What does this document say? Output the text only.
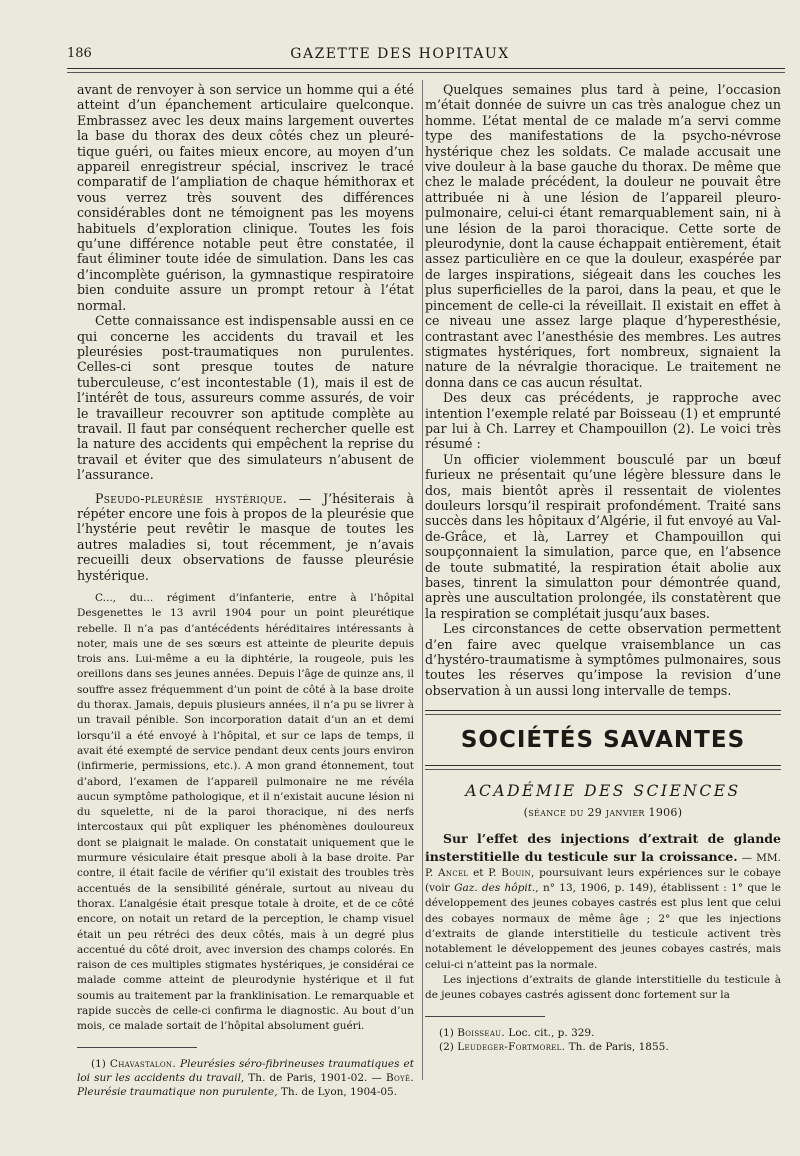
186	GAZETTE DES HOPITAUX

avant de renvoyer à son service un homme qui a été atteint d’un épanchement articulaire quelconque. Embrassez avec les deux mains largement ouvertes la base du thorax des deux côtés chez un pleuré-tique guéri, ou faites mieux encore, au moyen d’un appareil enregistreur spécial, inscrivez le tracé comparatif de l’ampliation de chaque hémithorax et vous verrez très souvent des différences considérables dont ne témoignent pas les moyens habituels d’exploration clinique. Toutes les fois qu’une différence notable peut être constatée, il faut éliminer toute idée de simulation. Dans les cas d’incomplète guérison, la gymnastique respiratoire bien conduite assure un prompt retour à l’état normal.

Cette connaissance est indispensable aussi en ce qui concerne les accidents du travail et les pleurésies post-traumatiques non purulentes. Celles-ci sont presque toutes de nature tuberculeuse, c’est incontestable (1), mais il est de l’intérêt de tous, assureurs comme assurés, de voir le travailleur recouvrer son aptitude complète au travail. Il faut par conséquent rechercher quelle est la nature des accidents qui empêchent la reprise du travail et éviter que des simulateurs n’abusent de l’assurance.

Pseudo-pleurésie hystérique. — J’hésiterais à répéter encore une fois à propos de la pleurésie que l’hystérie peut revêtir le masque de toutes les autres maladies si, tout récemment, je n’avais recueilli deux observations de fausse pleurésie hystérique.

C..., du... régiment d’infanterie, entre à l’hôpital Desgenettes le 13 avril 1904 pour un point pleurétique rebelle. Il n’a pas d’antécédents héréditaires intéressants à noter, mais une de ses sœurs est atteinte de pleurite depuis trois ans. Lui-même a eu la diphtérie, la rougeole, puis les oreillons dans ses jeunes années. Depuis l’âge de quinze ans, il souffre assez fréquemment d’un point de côté à la base droite du thorax. Jamais, depuis plusieurs années, il n’a pu se livrer à un travail pénible. Son incorporation datait d’un an et demi lorsqu’il a été envoyé à l’hôpital, et sur ce laps de temps, il avait été exempté de service pendant deux cents jours environ (infirmerie, permissions, etc.). A mon grand étonnement, tout d’abord, l’examen de l’appareil pulmonaire ne me révéla aucun symptôme pathologique, et il n’existait aucune lésion ni du squelette, ni de la paroi thoracique, ni des nerfs intercostaux qui pût expliquer les phénomènes douloureux dont se plaignait le malade. On constatait uniquement que le murmure vésiculaire était presque aboli à la base droite. Par contre, il était facile de vérifier qu’il existait des troubles très accentués de la sensibilité générale, surtout au niveau du thorax. L’analgésie était presque totale à droite, et de ce côté encore, on notait un retard de la perception, le champ visuel était un peu rétréci des deux côtés, mais à un degré plus accentué du côté droit, avec inversion des champs colorés. En raison de ces multiples stigmates hystériques, je considérai ce malade comme atteint de pleurodynie hystérique et il fut soumis au traitement par la franklinisation. Le remarquable et rapide succès de celle-ci confirma le diagnostic. Au bout d’un mois, ce malade sortait de l’hôpital absolument guéri.

(1) Chavastalon. Pleurésies séro-fibrineuses traumatiques et loi sur les accidents du travail, Th. de Paris, 1901-02. — Boyé. Pleurésie traumatique non purulente, Th. de Lyon, 1904-05.

Quelques semaines plus tard à peine, l’occasion m’était donnée de suivre un cas très analogue chez un homme. L’état mental de ce malade m’a servi comme type des manifestations de la psycho-névrose hystérique chez les soldats. Ce malade accusait une vive douleur à la base gauche du thorax. De même que chez le malade précédent, la douleur ne pouvait être attribuée ni à une lésion de l’appareil pleuro-pulmonaire, celui-ci étant remarquablement sain, ni à une lésion de la paroi thoracique. Cette sorte de pleurodynie, dont la cause échappait entièrement, était assez particulière en ce que la douleur, exaspérée par de larges inspirations, siégeait dans les couches les plus superficielles de la paroi, dans la peau, et que le pincement de celle-ci la réveillait. Il existait en effet à ce niveau une assez large plaque d’hyperesthésie, contrastant avec l’anesthésie des membres. Les autres stigmates hystériques, fort nombreux, signaient la nature de la névralgie thoracique. Le traitement ne donna dans ce cas aucun résultat.

Des deux cas précédents, je rapproche avec intention l’exemple relaté par Boisseau (1) et emprunté par lui à Ch. Larrey et Champouillon (2). Le voici très résumé :

Un officier violemment bousculé par un bœuf furieux ne présentait qu’une légère blessure dans le dos, mais bientôt après il ressentait de violentes douleurs lorsqu’il respirait profondément. Traité sans succès dans les hôpitaux d’Algérie, il fut envoyé au Val-de-Grâce, et là, Larrey et Champouillon qui soupçonnaient la simulation, parce que, en l’absence de toute submatité, la respiration était abolie aux bases, tinrent la simulatton pour démontrée quand, après une auscultation prolongée, ils constatèrent que la respiration se complétait jusqu’aux bases.

Les circonstances de cette observation permettent d’en faire avec quelque vraisemblance un cas d’hystéro-traumatisme à symptômes pulmonaires, sous toutes les réserves qu’impose la revision d’une observation à un aussi long intervalle de temps.

SOCIÉTÉS SAVANTES
ACADÉMIE DES SCIENCES
(séance du 29 janvier 1906)

Sur l’effet des injections d’extrait de glande insterstitielle du testicule sur la croissance. — MM. P. Ancel et P. Bouin, poursuivant leurs expériences sur le cobaye (voir Gaz. des hôpit., n° 13, 1906, p. 149), établissent : 1° que le développement des jeunes cobayes castrés est plus lent que celui des cobayes normaux de même âge ; 2° que les injections d’extraits de glande interstitielle du testicule activent très notablement le développement des jeunes cobayes castrés, mais celui-ci n’atteint pas la normale.

Les injections d’extraits de glande interstitielle du testicule à de jeunes cobayes castrés agissent donc fortement sur la

(1) Boisseau. Loc. cit., p. 329.

(2) Leudeger-Fortmorel. Th. de Paris, 1855.
